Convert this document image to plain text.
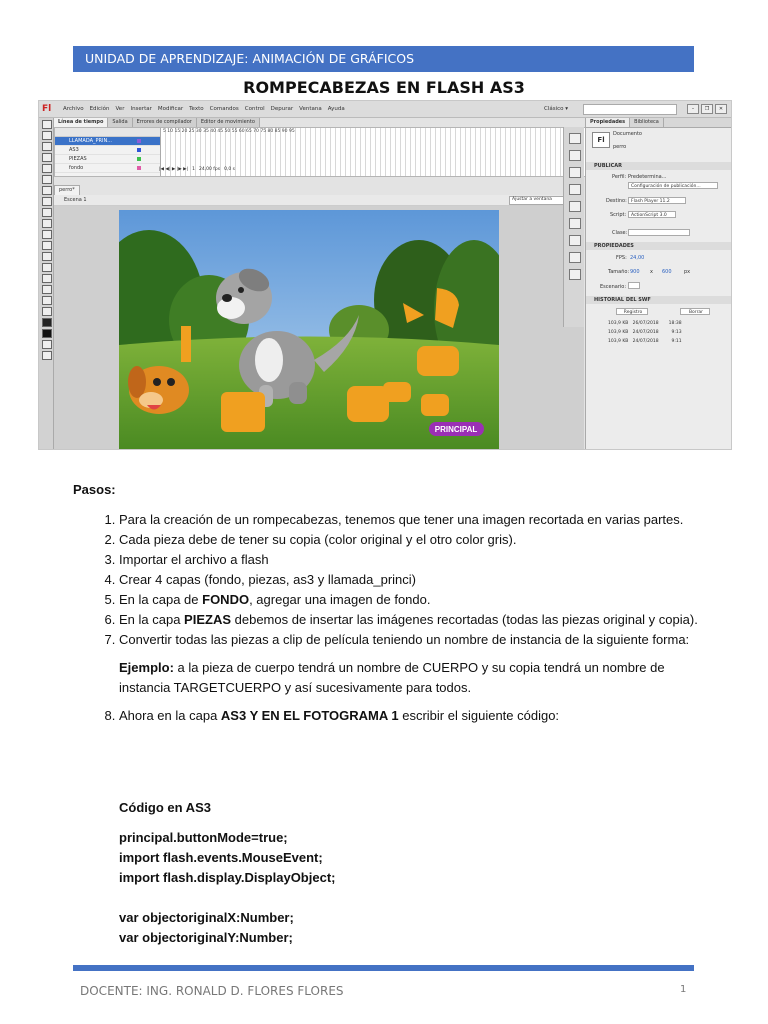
UNIDAD DE APRENDIZAJE: ANIMACIÓN DE GRÁFICOS
ROMPECABEZAS EN FLASH AS3
Fl Archivo Edición Ver Insertar Modificar Texto Comandos Control Depurar Ventana Ayuda	Clásico ▾	–	❐	✕
Línea de tiempo	Salida	Errores de compilador	Editor de movimiento
LLAMADA_PRIN...
AS3
PIEZAS
fondo
5 10 15 20 25 30 35 40 45 50 55 60 65 70 75 80 85 90 95
|◀ ◀| ▶ |▶ ▶| 1 24,00 fps 0,0 s
perro*
Escena 1	Ajustar a ventana
PRINCIPAL
Propiedades	Biblioteca
Fl
Documento
perro
PUBLICAR
Perfil: Predetermina...
Configuración de publicación...
Destino: Flash Player 11.2
Script:	ActionScript 3.0
Clase:
PROPIEDADES
FPS: 24,00
Tamaño: 900 x 600 px
Escenario:
HISTORIAL DEL SWF
Registro	Borrar
103,9 KB   26/07/2018       18:38
103,9 KB   24/07/2018         9:13
103,9 KB   24/07/2018         9:11
Pasos:
1. Para la creación de un rompecabezas, tenemos que tener una imagen recortada en varias partes.
2. Cada pieza debe de tener su copia (color original y el otro color gris).
3. Importar el archivo a flash
4. Crear 4 capas (fondo, piezas, as3 y llamada_princi)
5. En la capa de FONDO, agregar una imagen de fondo.
6. En la capa PIEZAS debemos de insertar las imágenes recortadas (todas las piezas original y copia).
7. Convertir todas las piezas a clip de película teniendo un nombre de instancia de la siguiente forma:
Ejemplo: a la pieza de cuerpo tendrá un nombre de CUERPO y su copia tendrá un nombre de instancia TARGETCUERPO y así sucesivamente para todos.
8. Ahora en la capa AS3 Y EN EL FOTOGRAMA 1 escribir el siguiente código:

Código en AS3

principal.buttonMode=true;

import flash.events.MouseEvent;

import flash.display.DisplayObject;

var objectoriginalX:Number;

var objectoriginalY:Number;

DOCENTE: ING. RONALD D. FLORES FLORES	1
